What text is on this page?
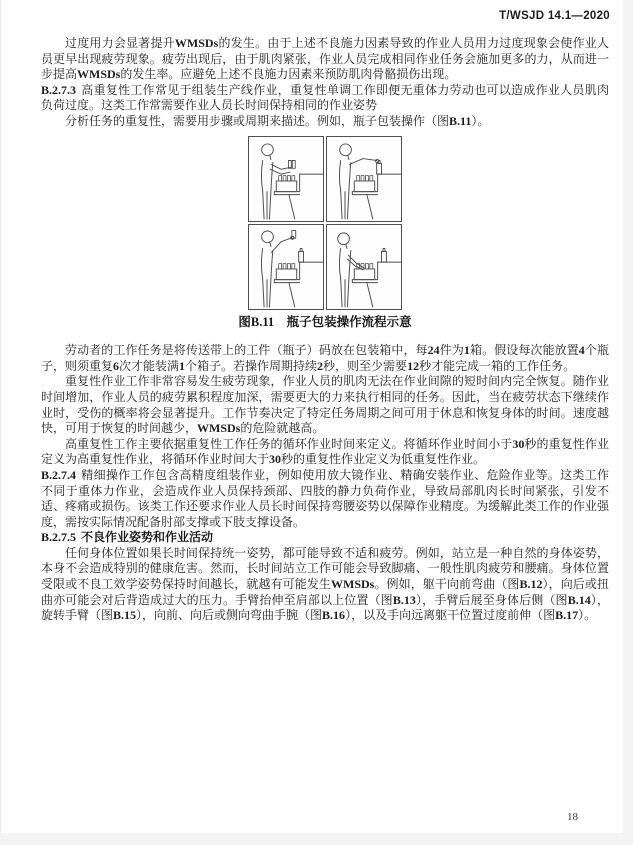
T/WSJD 14.1—2020

过度用力会显著提升WMSDs的发生。由于上述不良施力因素导致的作业人员用力过度现象会使作业人员更早出现疲劳现象。疲劳出现后，由于肌肉紧张，作业人员完成相同作业任务会施加更多的力，从而进一步提高WMSDs的发生率。应避免上述不良施力因素来预防肌肉骨骼损伤出现。

B.2.7.3 高重复性工作常见于组装生产线作业，重复性单调工作即便无重体力劳动也可以造成作业人员肌肉负荷过度。这类工作常需要作业人员长时间保持相同的作业姿势

分析任务的重复性，需要用步骤或周期来描述。例如，瓶子包装操作（图B.11）。

图B.11　瓶子包装操作流程示意

劳动者的工作任务是将传送带上的工件（瓶子）码放在包装箱中，每24件为1箱。假设每次能放置4个瓶子，则须重复6次才能装满1个箱子。若操作周期持续2秒，则至少需要12秒才能完成一箱的工作任务。

重复性作业工作非常容易发生疲劳现象，作业人员的肌肉无法在作业间隙的短时间内完全恢复。随作业时间增加，作业人员的疲劳累积程度加深，需要更大的力来执行相同的任务。因此，当在疲劳状态下继续作业时，受伤的概率将会显著提升。工作节奏决定了特定任务周期之间可用于休息和恢复身体的时间。速度越快，可用于恢复的时间越少，WMSDs的危险就越高。

高重复性工作主要依据重复性工作任务的循环作业时间来定义。将循环作业时间小于30秒的重复性作业定义为高重复性作业，将循环作业时间大于30秒的重复性作业定义为低重复性作业。

B.2.7.4 精细操作工作包含高精度组装作业，例如使用放大镜作业、精确安装作业、危险作业等。这类工作不同于重体力作业，会造成作业人员保持颈部、四肢的静力负荷作业，导致局部肌肉长时间紧张，引发不适、疼痛或损伤。该类工作还要求作业人员长时间保持弯腰姿势以保障作业精度。为缓解此类工作的作业强度，需按实际情况配备肘部支撑或下肢支撑设备。

B.2.7.5 不良作业姿势和作业活动

任何身体位置如果长时间保持统一姿势，都可能导致不适和疲劳。例如，站立是一种自然的身体姿势，本身不会造成特别的健康危害。然而，长时间站立工作可能会导致脚痛、一般性肌肉疲劳和腰痛。身体位置受限或不良工效学姿势保持时间越长，就越有可能发生WMSDs。例如，躯干向前弯曲（图B.12），向后或扭曲亦可能会对后背造成过大的压力。手臂抬伸至肩部以上位置（图B.13），手臂后展至身体后侧（图B.14），旋转手臂（图B.15），向前、向后或侧向弯曲手腕（图B.16），以及手向远离躯干位置过度前伸（图B.17）。

18
